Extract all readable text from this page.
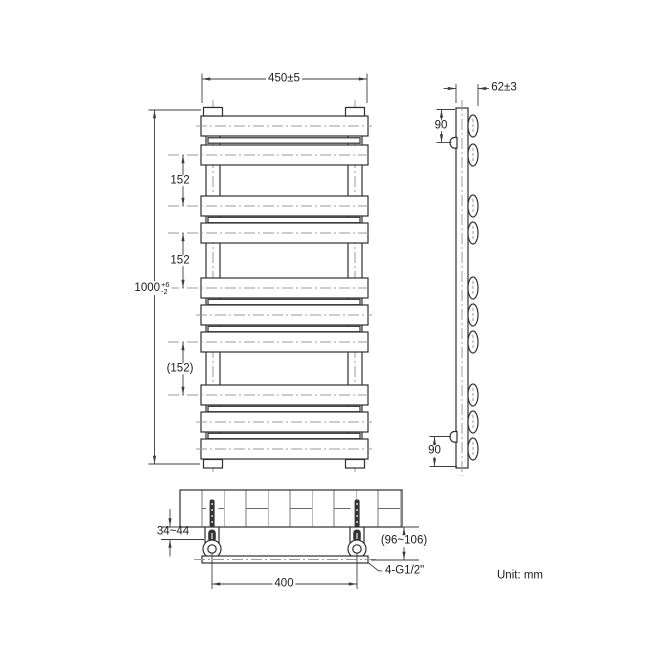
450±5
1000 +6
-2
152
152
(152)
62±3
90
90
34~44
(96~106)
400
4-G1/2"	Unit: mm
